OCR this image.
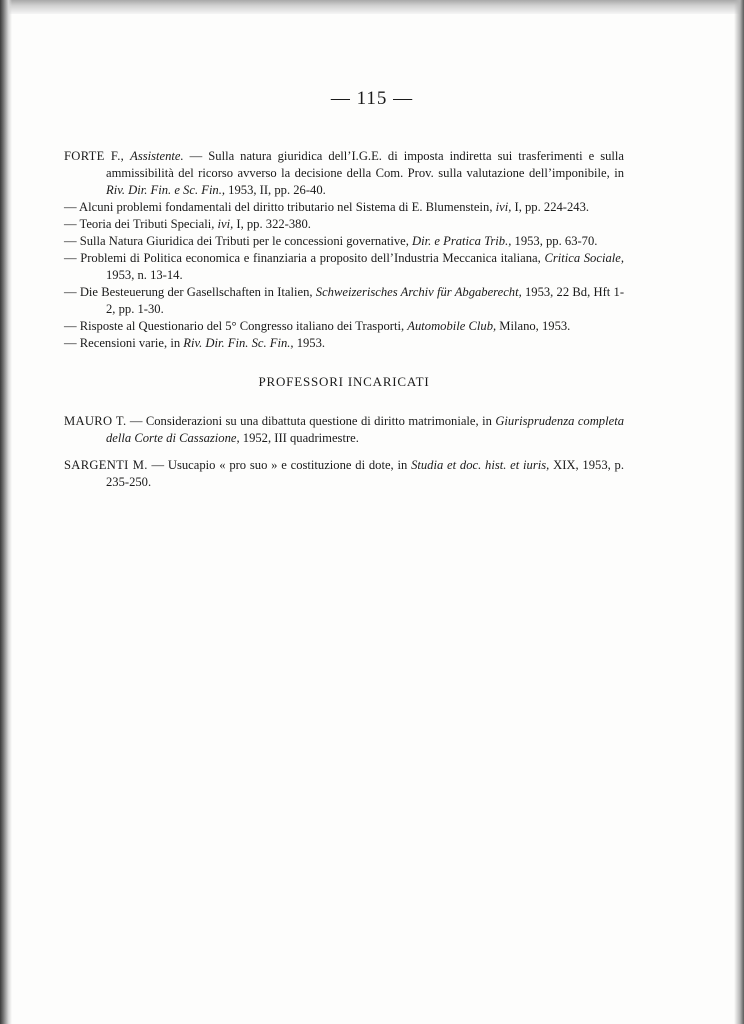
— 115 —

FORTE F., Assistente. — Sulla natura giuridica dell’I.G.E. di imposta indiretta sui trasferimenti e sulla ammissibilità del ricorso avverso la decisione della Com. Prov. sulla valutazione dell’imponibile, in Riv. Dir. Fin. e Sc. Fin., 1953, II, pp. 26-40.

— Alcuni problemi fondamentali del diritto tributario nel Sistema di E. Blumenstein, ivi, I, pp. 224-243.

— Teoria dei Tributi Speciali, ivi, I, pp. 322-380.

— Sulla Natura Giuridica dei Tributi per le concessioni governative, Dir. e Pratica Trib., 1953, pp. 63-70.

— Problemi di Politica economica e finanziaria a proposito dell’Industria Meccanica italiana, Critica Sociale, 1953, n. 13-14.

— Die Besteuerung der Gasellschaften in Italien, Schweizerisches Archiv für Abgaberecht, 1953, 22 Bd, Hft 1-2, pp. 1-30.

— Risposte al Questionario del 5° Congresso italiano dei Trasporti, Automobile Club, Milano, 1953.

— Recensioni varie, in Riv. Dir. Fin. Sc. Fin., 1953.

PROFESSORI INCARICATI

MAURO T. — Considerazioni su una dibattuta questione di diritto matrimoniale, in Giurisprudenza completa della Corte di Cassazione, 1952, III quadrimestre.

SARGENTI M. — Usucapio « pro suo » e costituzione di dote, in Studia et doc. hist. et iuris, XIX, 1953, p. 235-250.
